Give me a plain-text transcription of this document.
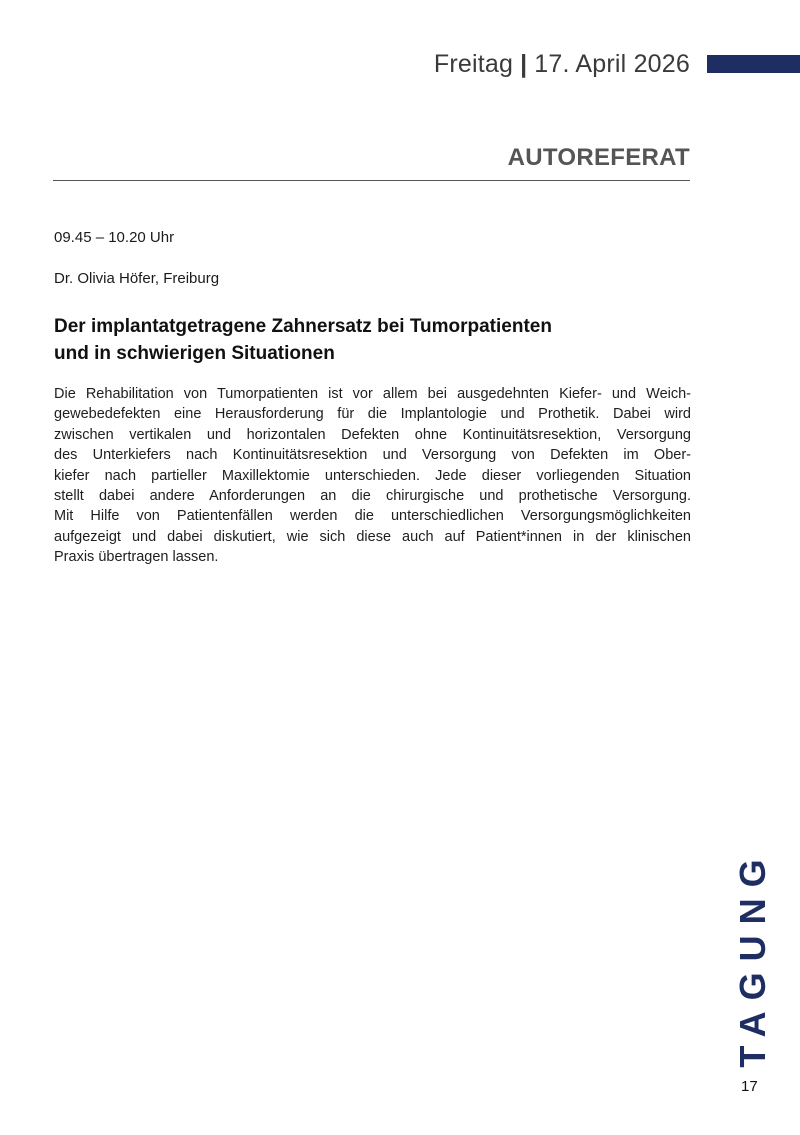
Freitag | 17. April 2026
AUTOREFERAT
09.45 – 10.20 Uhr
Dr. Olivia Höfer, Freiburg
Der implantatgetragene Zahnersatz bei Tumorpatienten
und in schwierigen Situationen
Die Rehabilitation von Tumorpatienten ist vor allem bei ausgedehnten Kiefer- und Weich-
gewebedefekten eine Herausforderung für die Implantologie und Prothetik. Dabei wird
zwischen vertikalen und horizontalen Defekten ohne Kontinuitätsresektion, Versorgung
des Unterkiefers nach Kontinuitätsresektion und Versorgung von Defekten im Ober-
kiefer nach partieller Maxillektomie unterschieden. Jede dieser vorliegenden Situation
stellt dabei andere Anforderungen an die chirurgische und prothetische Versorgung.
Mit Hilfe von Patientenfällen werden die unterschiedlichen Versorgungsmöglichkeiten
aufgezeigt und dabei diskutiert, wie sich diese auch auf Patient*innen in der klinischen
Praxis übertragen lassen.
TAGUNG
17
